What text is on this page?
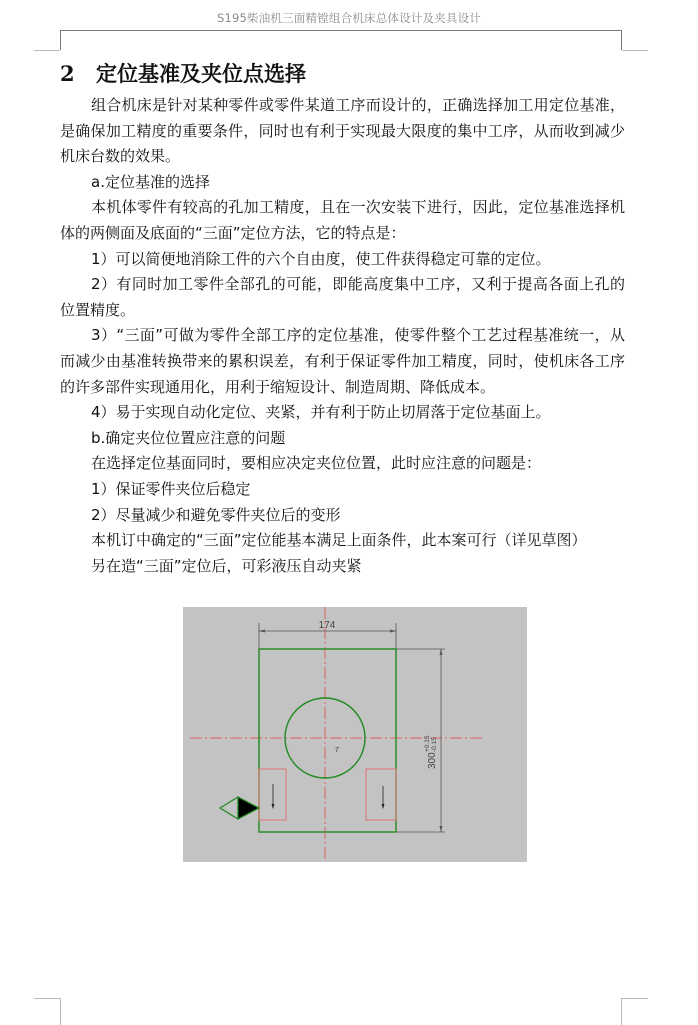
S195柴油机三面精镗组合机床总体设计及夹具设计
2 定位基准及夹位点选择

组合机床是针对某种零件或零件某道工序而设计的，正确选择加工用定位基准，是确保加工精度的重要条件，同时也有利于实现最大限度的集中工序，从而收到减少机床台数的效果。

a.定位基准的选择

本机体零件有较高的孔加工精度，且在一次安装下进行，因此，定位基准选择机体的两侧面及底面的“三面”定位方法，它的特点是：

1）可以简便地消除工件的六个自由度，使工件获得稳定可靠的定位。

2）有同时加工零件全部孔的可能，即能高度集中工序，又利于提高各面上孔的位置精度。

3）“三面”可做为零件全部工序的定位基准，使零件整个工艺过程基准统一，从而减少由基准转换带来的累积误差，有利于保证零件加工精度，同时，使机床各工序的许多部件实现通用化，用利于缩短设计、制造周期、降低成本。

4）易于实现自动化定位、夹紧，并有利于防止切屑落于定位基面上。

b.确定夹位位置应注意的问题

在选择定位基面同时，要相应决定夹位位置，此时应注意的问题是：

1）保证零件夹位后稳定

2）尽量减少和避免零件夹位后的变形

本机订中确定的“三面”定位能基本满足上面条件，此本案可行（详见草图）

另在造“三面”定位后，可彩液压自动夹紧

174
300
+0.15 -0.15
7
